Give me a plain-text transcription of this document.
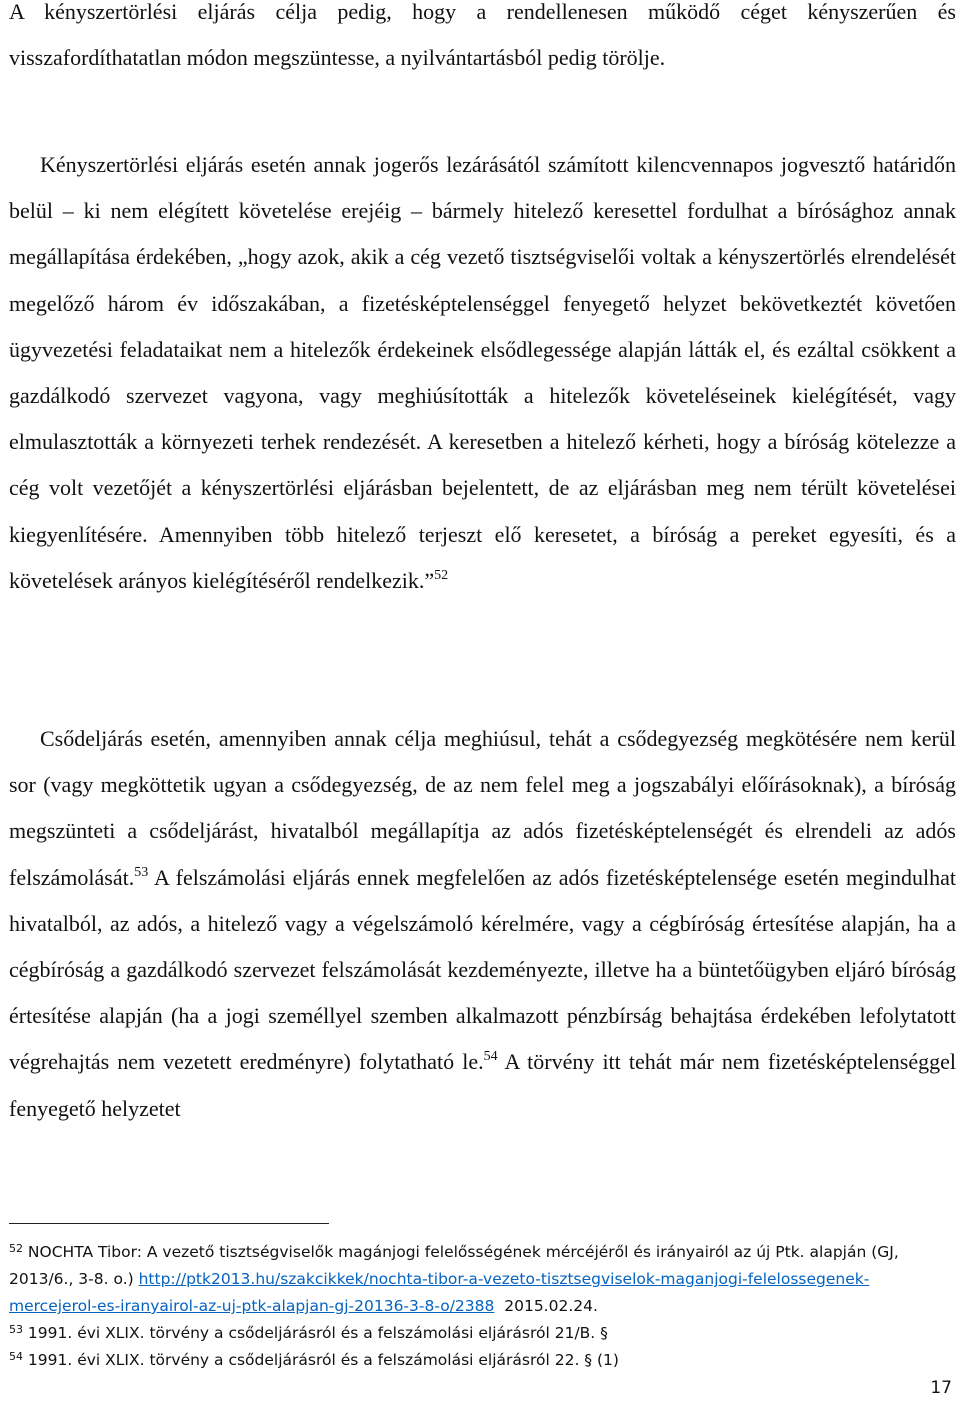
A kényszertörlési eljárás célja pedig, hogy a rendellenesen működő céget kényszerűen és visszafordíthatatlan módon megszüntesse, a nyilvántartásból pedig törölje.

Kényszertörlési eljárás esetén annak jogerős lezárásától számított kilencvennapos jogvesztő határidőn belül – ki nem elégített követelése erejéig – bármely hitelező keresettel fordulhat a bírósághoz annak megállapítása érdekében, „hogy azok, akik a cég vezető tisztségviselői voltak a kényszertörlés elrendelését megelőző három év időszakában, a fizetésképtelenséggel fenyegető helyzet bekövetkeztét követően ügyvezetési feladataikat nem a hitelezők érdekeinek elsődlegessége alapján látták el, és ezáltal csökkent a gazdálkodó szervezet vagyona, vagy meghiúsították a hitelezők követeléseinek kielégítését, vagy elmulasztották a környezeti terhek rendezését. A keresetben a hitelező kérheti, hogy a bíróság kötelezze a cég volt vezetőjét a kényszertörlési eljárásban bejelentett, de az eljárásban meg nem térült követelései kiegyenlítésére. Amennyiben több hitelező terjeszt elő keresetet, a bíróság a pereket egyesíti, és a követelések arányos kielégítéséről rendelkezik.”$^{52}$

Csődeljárás esetén, amennyiben annak célja meghiúsul, tehát a csődegyezség megkötésére nem kerül sor (vagy megköttetik ugyan a csődegyezség, de az nem felel meg a jogszabályi előírásoknak), a bíróság megszünteti a csődeljárást, hivatalból megállapítja az adós fizetésképtelenségét és elrendeli az adós felszámolását.$^{53}$ A felszámolási eljárás ennek megfelelően az adós fizetésképtelensége esetén megindulhat hivatalból, az adós, a hitelező vagy a végelszámoló kérelmére, vagy a cégbíróság értesítése alapján, ha a cégbíróság a gazdálkodó szervezet felszámolását kezdeményezte, illetve ha a büntetőügyben eljáró bíróság értesítése alapján (ha a jogi személlyel szemben alkalmazott pénzbírság behajtása érdekében lefolytatott végrehajtás nem vezetett eredményre) folytatható le.$^{54}$ A törvény itt tehát már nem fizetésképtelenséggel fenyegető helyzetet

$^{52}$ NOCHTA Tibor: A vezető tisztségviselők magánjogi felelősségének mércéjéről és irányairól az új Ptk. alapján (GJ, 2013/6., 3-8. o.) http://ptk2013.hu/szakcikkek/nochta-tibor-a-vezeto-tisztsegviselok-maganjogi-felelossegenek-mercejerol-es-iranyairol-az-uj-ptk-alapjan-gj-20136-3-8-o/2388  2015.02.24.

$^{53}$ 1991. évi XLIX. törvény a csődeljárásról és a felszámolási eljárásról 21/B. §

$^{54}$ 1991. évi XLIX. törvény a csődeljárásról és a felszámolási eljárásról 22. § (1)

17
